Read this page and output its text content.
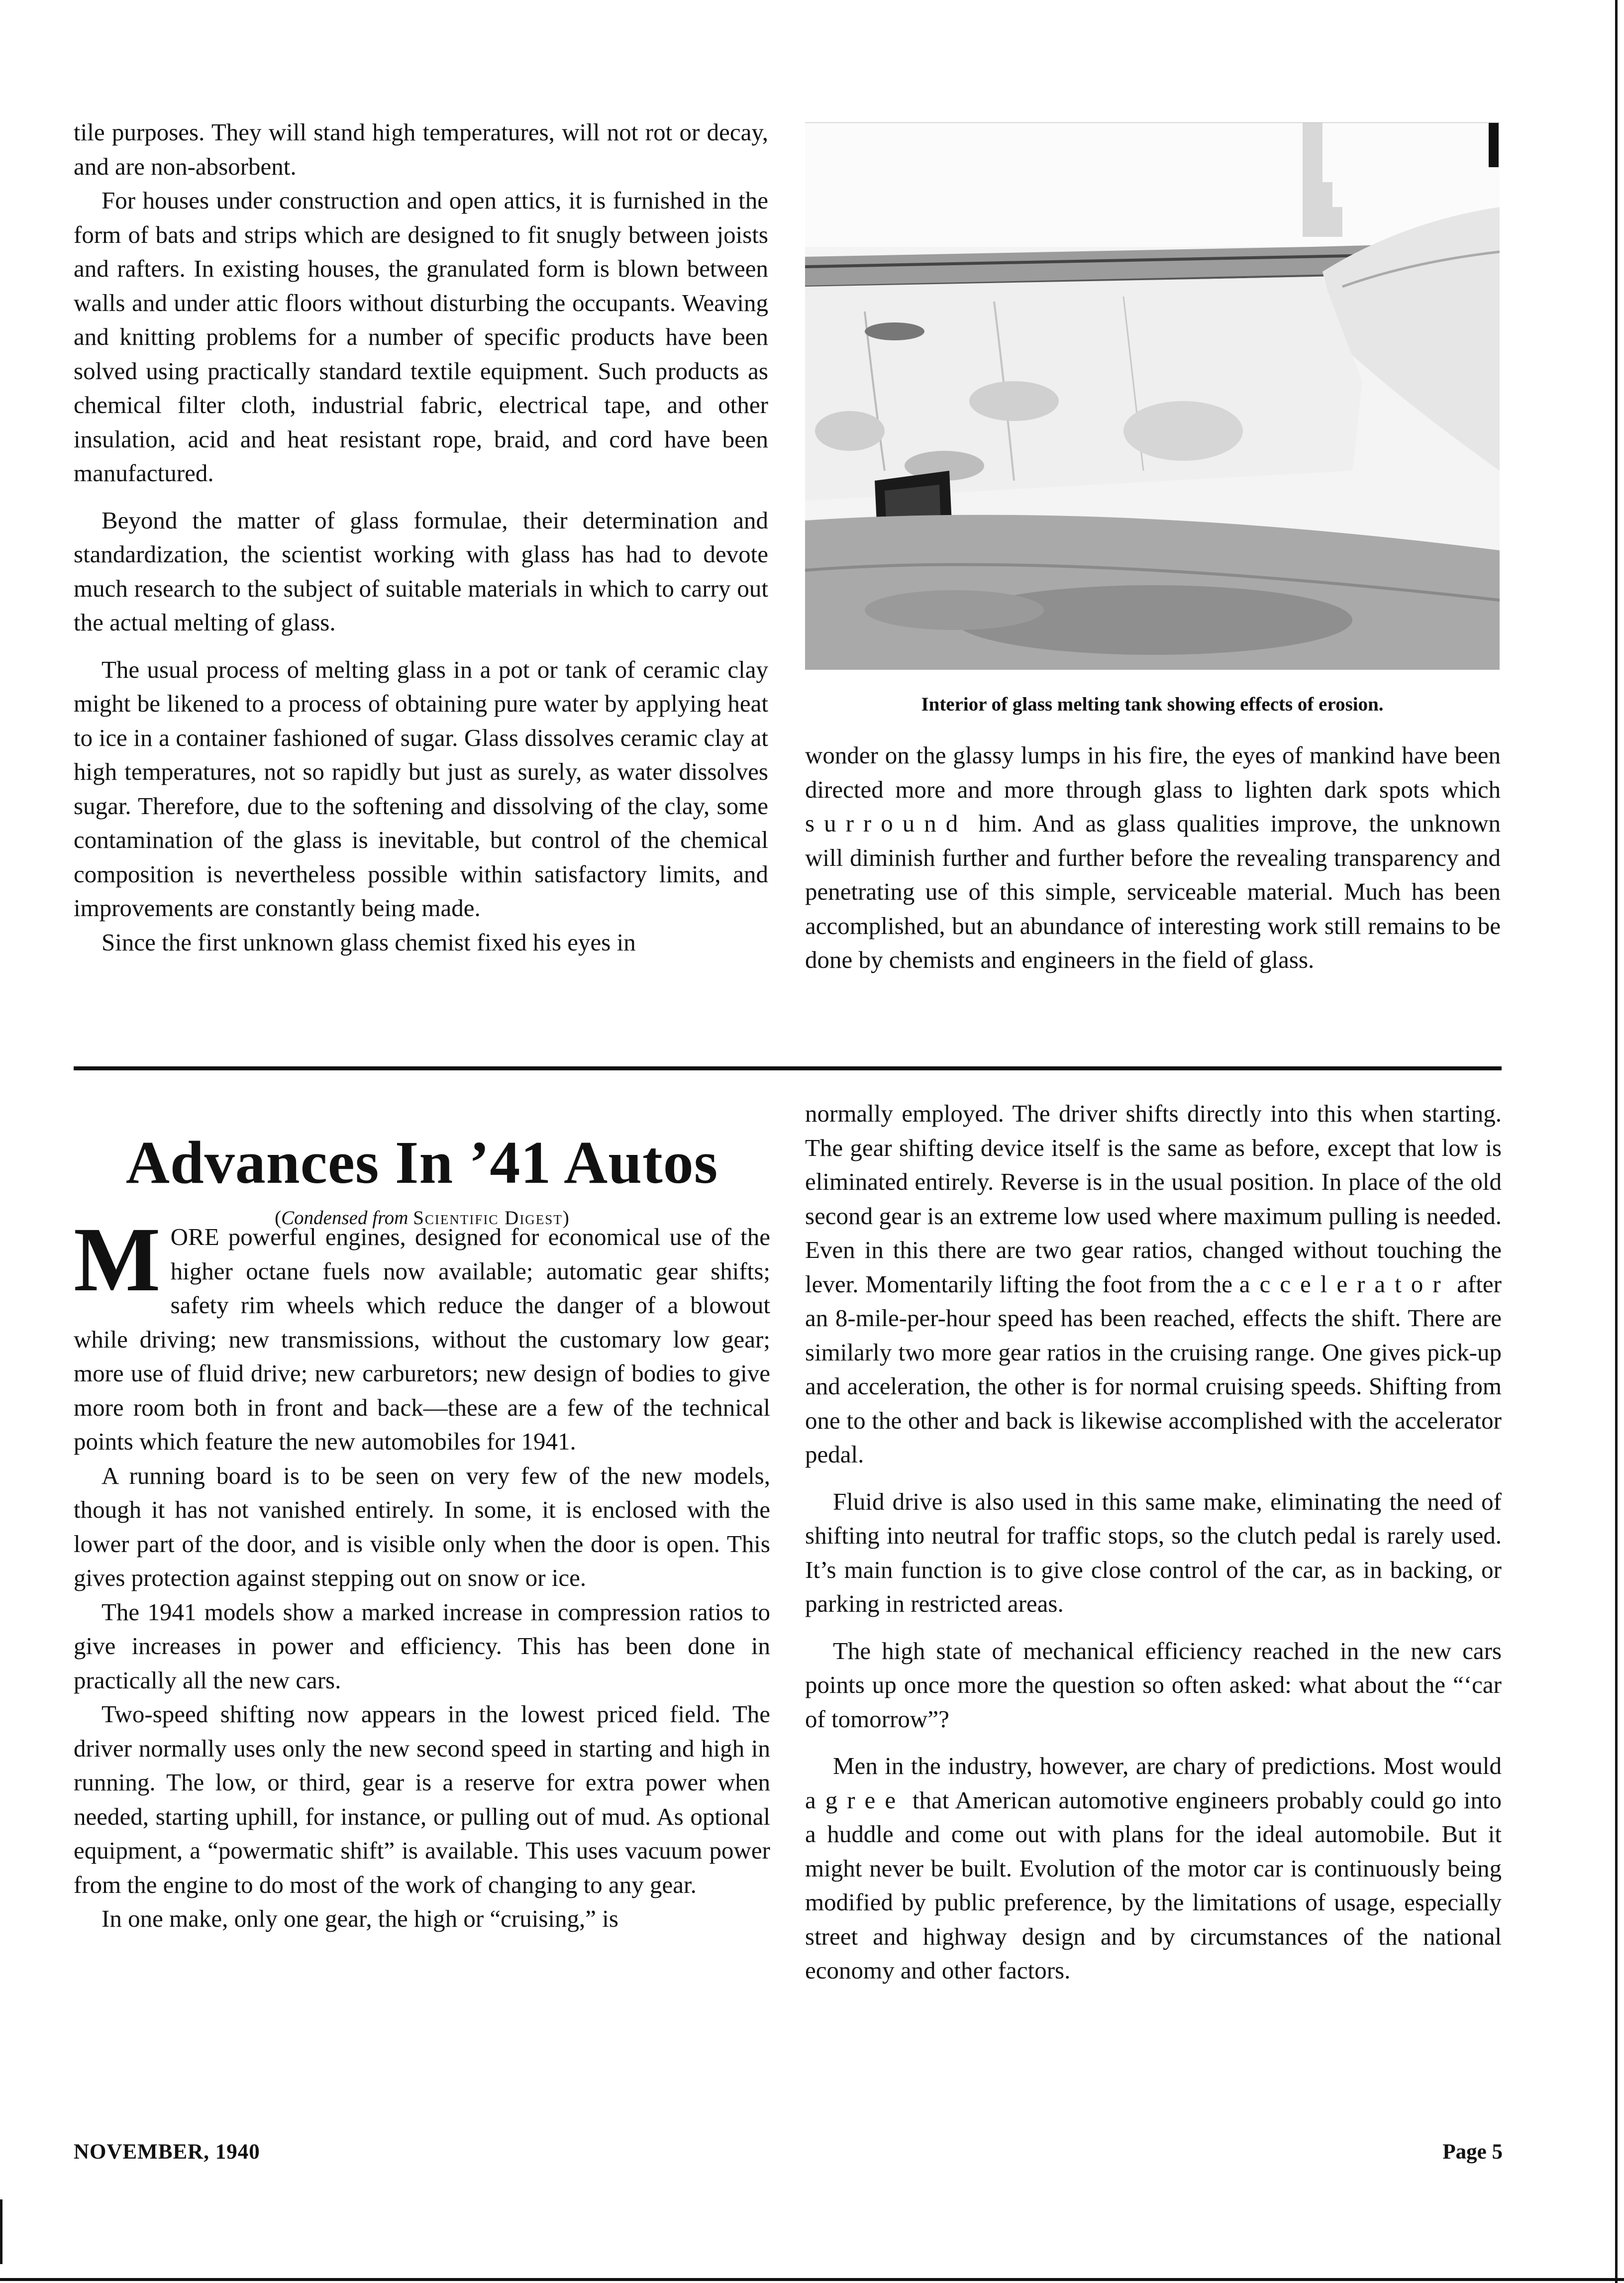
tile purposes. They will stand high temperatures, will not rot or decay, and are non-absorbent.

For houses under construction and open attics, it is furnished in the form of bats and strips which are designed to fit snugly between joists and rafters. In existing houses, the granulated form is blown between walls and under attic floors without disturbing the occupants. Weaving and knitting problems for a number of specific products have been solved using practically standard textile equipment. Such products as chemical filter cloth, industrial fabric, electrical tape, and other insulation, acid and heat resistant rope, braid, and cord have been manufactured.

Beyond the matter of glass formulae, their determination and standardization, the scientist working with glass has had to devote much research to the subject of suitable materials in which to carry out the actual melting of glass.

The usual process of melting glass in a pot or tank of ceramic clay might be likened to a process of obtaining pure water by applying heat to ice in a container fashioned of sugar. Glass dissolves ceramic clay at high temperatures, not so rapidly but just as surely, as water dissolves sugar. Therefore, due to the softening and dissolving of the clay, some contamination of the glass is inevitable, but control of the chemical composition is nevertheless possible within satisfactory limits, and improvements are constantly being made.

Since the first unknown glass chemist fixed his eyes in

Interior of glass melting tank showing effects of erosion.

wonder on the glassy lumps in his fire, the eyes of mankind have been directed more and more through glass to lighten dark spots which surround him. And as glass qualities improve, the unknown will diminish further and further before the revealing transparency and penetrating use of this simple, serviceable material. Much has been accomplished, but an abundance of interesting work still remains to be done by chemists and engineers in the field of glass.

Advances In ’41 Autos
(Condensed from Scientific Digest)

MORE powerful engines, designed for economical use of the higher octane fuels now available; automatic gear shifts; safety rim wheels which reduce the danger of a blowout while driving; new transmissions, without the customary low gear; more use of fluid drive; new carburetors; new design of bodies to give more room both in front and back—these are a few of the technical points which feature the new automobiles for 1941.

A running board is to be seen on very few of the new models, though it has not vanished entirely. In some, it is enclosed with the lower part of the door, and is visible only when the door is open. This gives protection against stepping out on snow or ice.

The 1941 models show a marked increase in compression ratios to give increases in power and efficiency. This has been done in practically all the new cars.

Two-speed shifting now appears in the lowest priced field. The driver normally uses only the new second speed in starting and high in running. The low, or third, gear is a reserve for extra power when needed, starting uphill, for instance, or pulling out of mud. As optional equipment, a “powermatic shift” is available. This uses vacuum power from the engine to do most of the work of changing to any gear.

In one make, only one gear, the high or “cruising,” is

normally employed. The driver shifts directly into this when starting. The gear shifting device itself is the same as before, except that low is eliminated entirely. Reverse is in the usual position. In place of the old second gear is an extreme low used where maximum pulling is needed. Even in this there are two gear ratios, changed without touching the lever. Momentarily lifting the foot from the accelerator after an 8-mile-per-hour speed has been reached, effects the shift. There are similarly two more gear ratios in the cruising range. One gives pick-up and acceleration, the other is for normal cruising speeds. Shifting from one to the other and back is likewise accomplished with the accelerator pedal.

Fluid drive is also used in this same make, eliminating the need of shifting into neutral for traffic stops, so the clutch pedal is rarely used. It’s main function is to give close control of the car, as in backing, or parking in restricted areas.

The high state of mechanical efficiency reached in the new cars points up once more the question so often asked: what about the “‘car of tomorrow”?

Men in the industry, however, are chary of predictions. Most would agree that American automotive engineers probably could go into a huddle and come out with plans for the ideal automobile. But it might never be built. Evolution of the motor car is continuously being modified by public preference, by the limitations of usage, especially street and highway design and by circumstances of the national economy and other factors.

NOVEMBER, 1940	Page 5
